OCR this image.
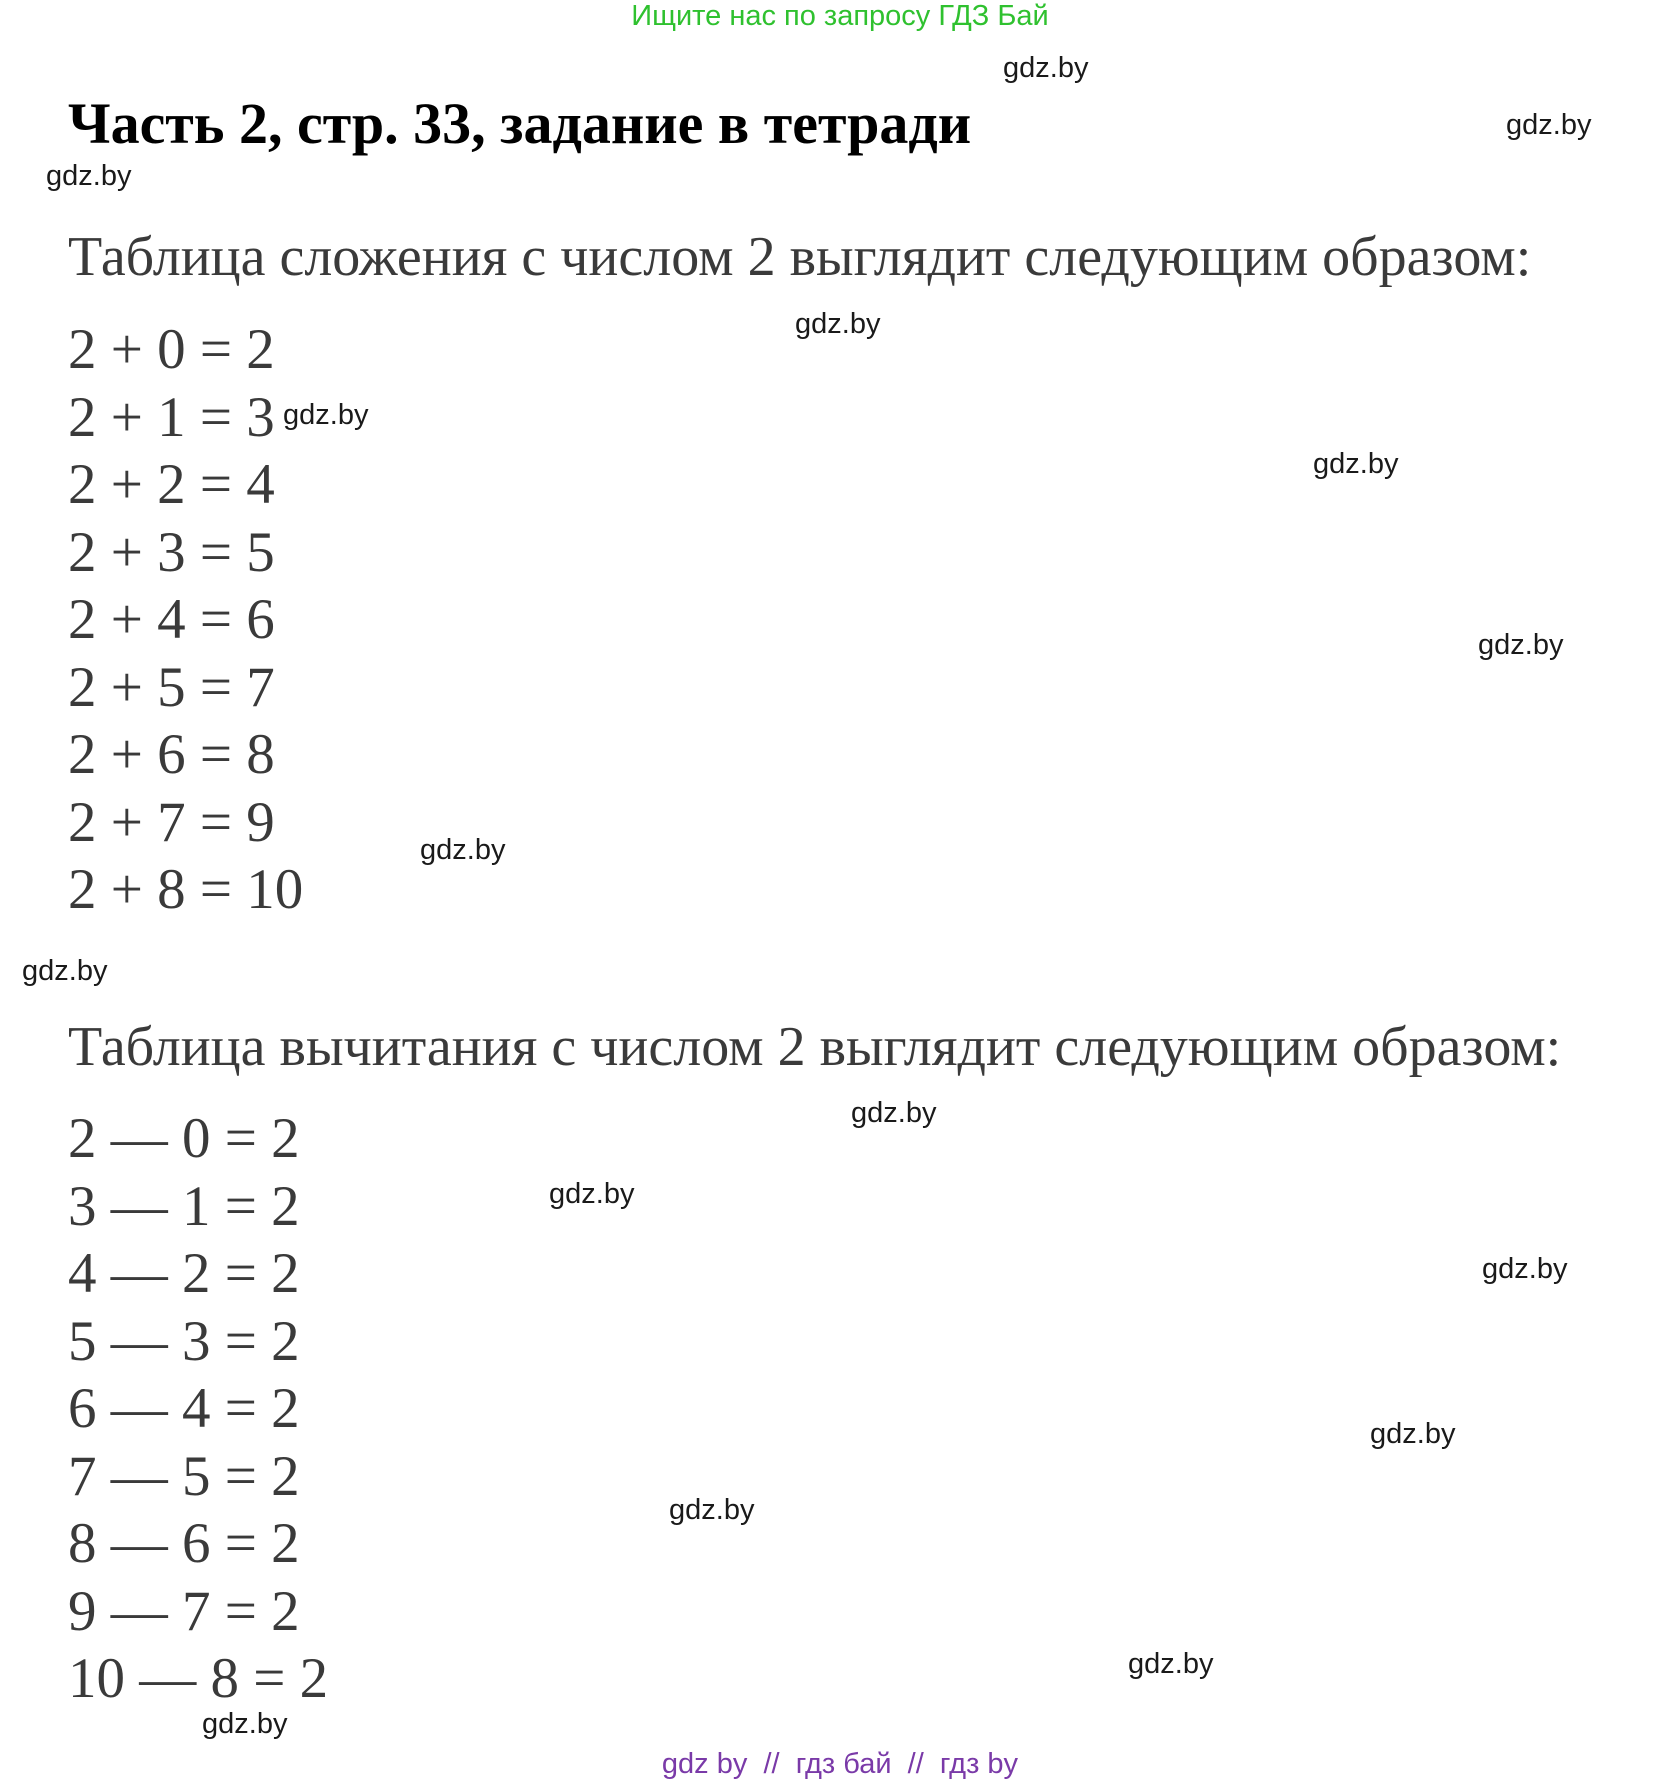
Ищите нас по запросу ГДЗ Бай
Часть 2, стр. 33, задание в тетради
Таблица сложения с числом 2 выглядит следующим образом:
2 + 0 = 2
2 + 1 = 3
2 + 2 = 4
2 + 3 = 5
2 + 4 = 6
2 + 5 = 7
2 + 6 = 8
2 + 7 = 9
2 + 8 = 10
Таблица вычитания с числом 2 выглядит следующим образом:
2 — 0 = 2
3 — 1 = 2
4 — 2 = 2
5 — 3 = 2
6 — 4 = 2
7 — 5 = 2
8 — 6 = 2
9 — 7 = 2
10 — 8 = 2
gdz.by
gdz.by
gdz.by
gdz.by
gdz.by
gdz.by
gdz.by
gdz.by
gdz.by
gdz.by
gdz.by
gdz.by
gdz.by
gdz.by
gdz.by
gdz.by
gdz by  //  гдз бай  //  гдз by
